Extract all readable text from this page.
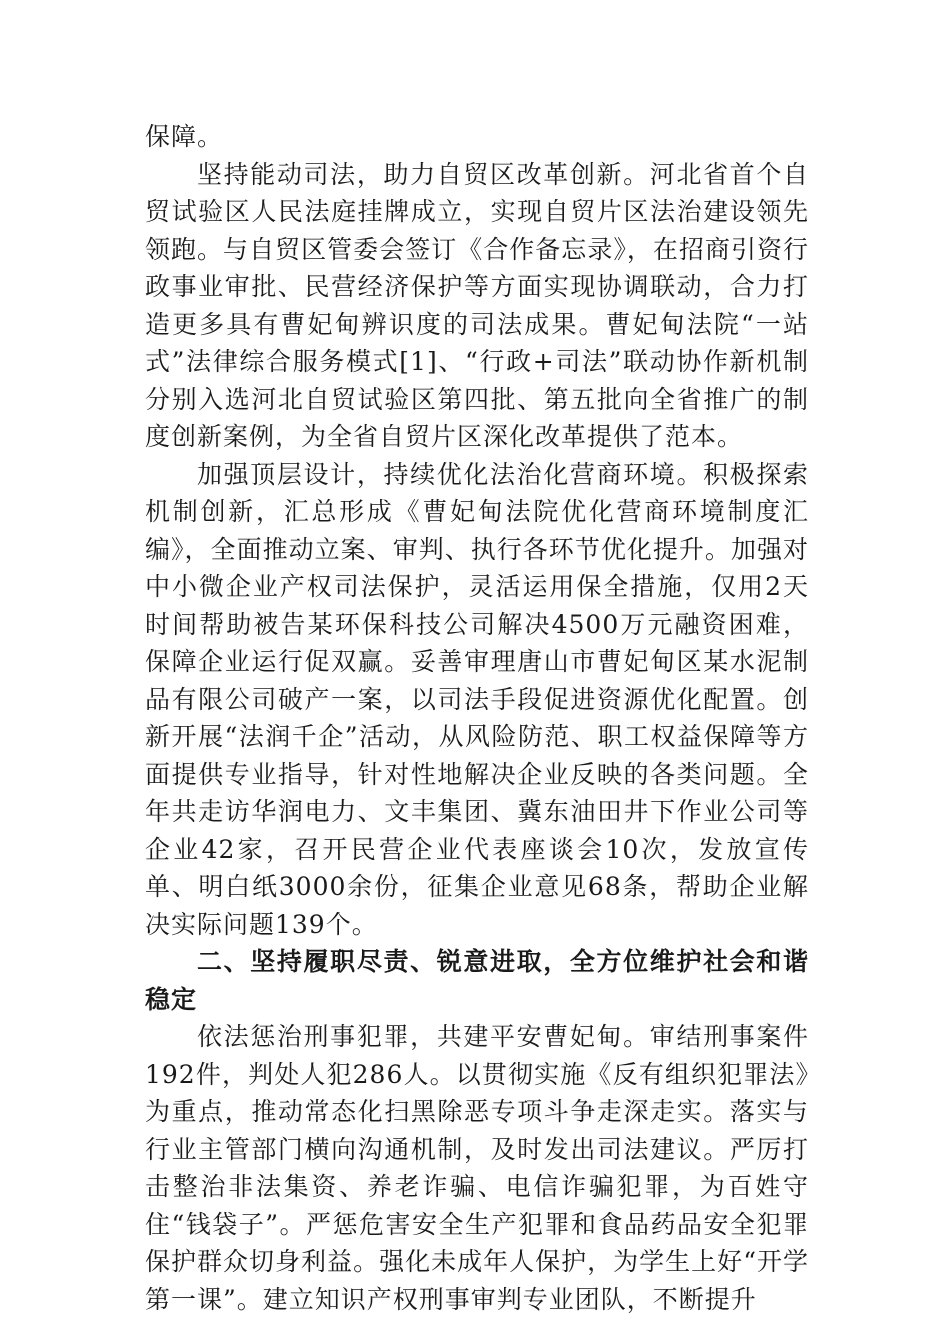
保障。

坚持能动司法，助力自贸区改革创新。河北省首个自贸试验区人民法庭挂牌成立，实现自贸片区法治建设领先领跑。与自贸区管委会签订《合作备忘录》，在招商引资行政事业审批、民营经济保护等方面实现协调联动，合力打造更多具有曹妃甸辨识度的司法成果。曹妃甸法院“一站式”法律综合服务模式[1]、“行政+司法”联动协作新机制分别入选河北自贸试验区第四批、第五批向全省推广的制度创新案例，为全省自贸片区深化改革提供了范本。

加强顶层设计，持续优化法治化营商环境。积极探索机制创新，汇总形成《曹妃甸法院优化营商环境制度汇编》，全面推动立案、审判、执行各环节优化提升。加强对中小微企业产权司法保护，灵活运用保全措施，仅用2天时间帮助被告某环保科技公司解决4500万元融资困难，保障企业运行促双赢。妥善审理唐山市曹妃甸区某水泥制品有限公司破产一案，以司法手段促进资源优化配置。创新开展“法润千企”活动，从风险防范、职工权益保障等方面提供专业指导，针对性地解决企业反映的各类问题。全年共走访华润电力、文丰集团、冀东油田井下作业公司等企业42家，召开民营企业代表座谈会10次，发放宣传单、明白纸3000余份，征集企业意见68条，帮助企业解决实际问题139个。

二、坚持履职尽责、锐意进取，全方位维护社会和谐稳定

依法惩治刑事犯罪，共建平安曹妃甸。审结刑事案件192件，判处人犯286人。以贯彻实施《反有组织犯罪法》为重点，推动常态化扫黑除恶专项斗争走深走实。落实与行业主管部门横向沟通机制，及时发出司法建议。严厉打击整治非法集资、养老诈骗、电信诈骗犯罪，为百姓守住“钱袋子”。严惩危害安全生产犯罪和食品药品安全犯罪保护群众切身利益。强化未成年人保护，为学生上好“开学第一课”。建立知识产权刑事审判专业团队，不断提升
